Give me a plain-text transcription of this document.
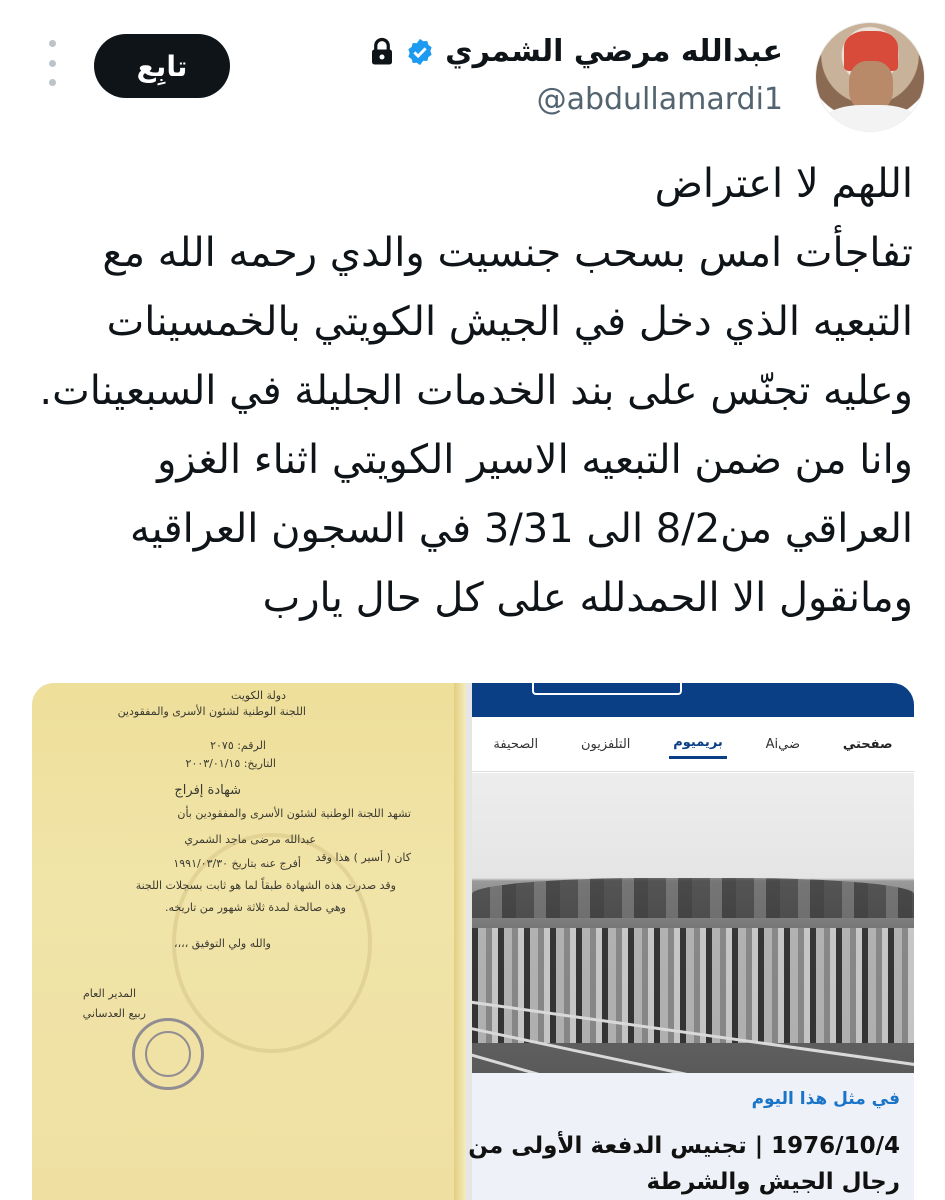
عبدالله مرضي الشمري
@abdullamardi1
تابِع
اللهم لا اعتراض
تفاجأت امس بسحب جنسيت والدي رحمه الله مع
التبعيه الذي دخل في الجيش الكويتي بالخمسينات
وعليه تجنّس على بند الخدمات الجليلة في السبعينات.
وانا من ضمن التبعيه الاسير الكويتي اثناء الغزو
العراقي من8/2 الى 3/31 في السجون العراقيه
ومانقول الا الحمدلله على كل حال يارب
دولة الكويت
اللجنة الوطنية لشئون الأسرى والمفقودين
الرقم: ٢٠٧٥
التاريخ: ٢٠٠٣/٠١/١٥
شهادة إفراج
تشهد اللجنة الوطنية لشئون الأسرى والمفقودين بأن
عبدالله مرضى ماجد الشمري
كان ( أسير ) هذا وقد
أفرج عنه بتاريخ ١٩٩١/٠٣/٣٠
وقد صدرت هذه الشهادة طبقاً لما هو ثابت بسجلات اللجنة
وهي صالحة لمدة ثلاثة شهور من تاريخه.
والله ولي التوفيق ،،،،
المدير العام
ربيع العدساني
الصحيفة	التلفزيون	بريميوم	ضيAi	صفحتي
في مثل هذا اليوم
1976/10/4 | تجنيس الدفعة الأولى من
رجال الجيش والشرطة
